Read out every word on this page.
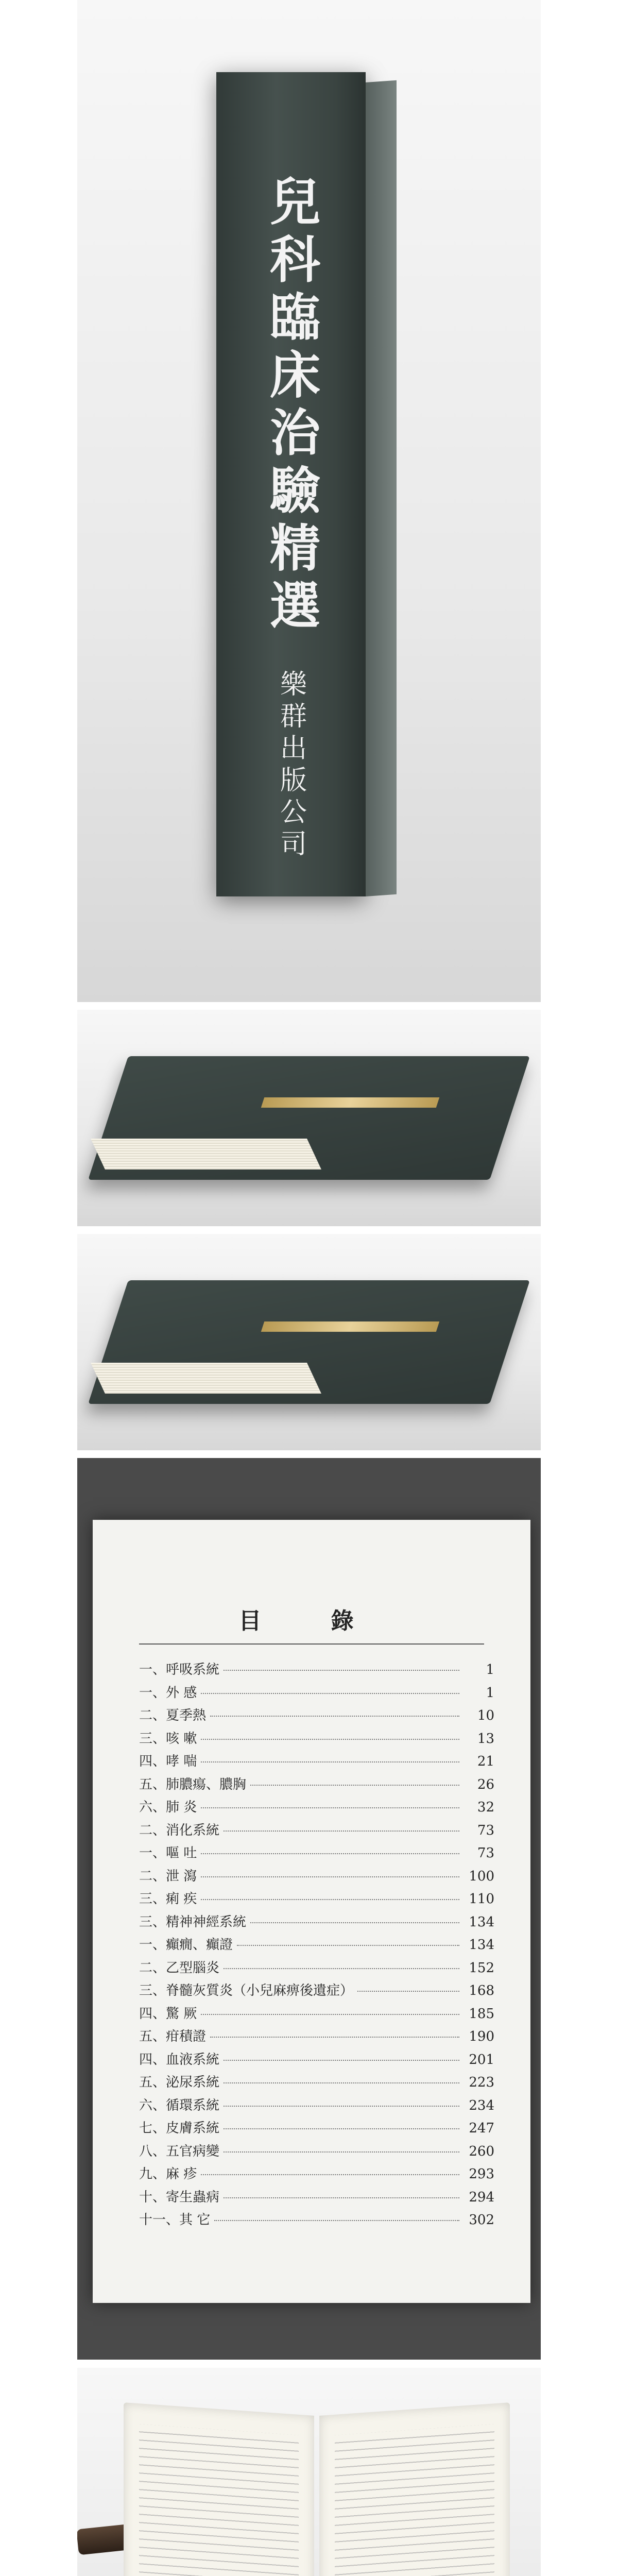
兒科臨床治驗精選
樂群出版公司
目 錄
一、呼吸系統	1
一、外 感	1
二、夏季熱	10
三、咳 嗽	13
四、哮 喘	21
五、肺膿瘍、膿胸	26
六、肺 炎	32
二、消化系統	73
一、嘔 吐	73
二、泄 瀉	100
三、痢 疾	110
三、精神神經系統	134
一、癲癇、癲證	134
二、乙型腦炎	152
三、脊髓灰質炎（小兒麻痹後遺症）	168
四、驚 厥	185
五、疳積證	190
四、血液系統	201
五、泌尿系統	223
六、循環系統	234
七、皮膚系統	247
八、五官病變	260
九、麻 疹	293
十、寄生蟲病	294
十一、其 它	302
